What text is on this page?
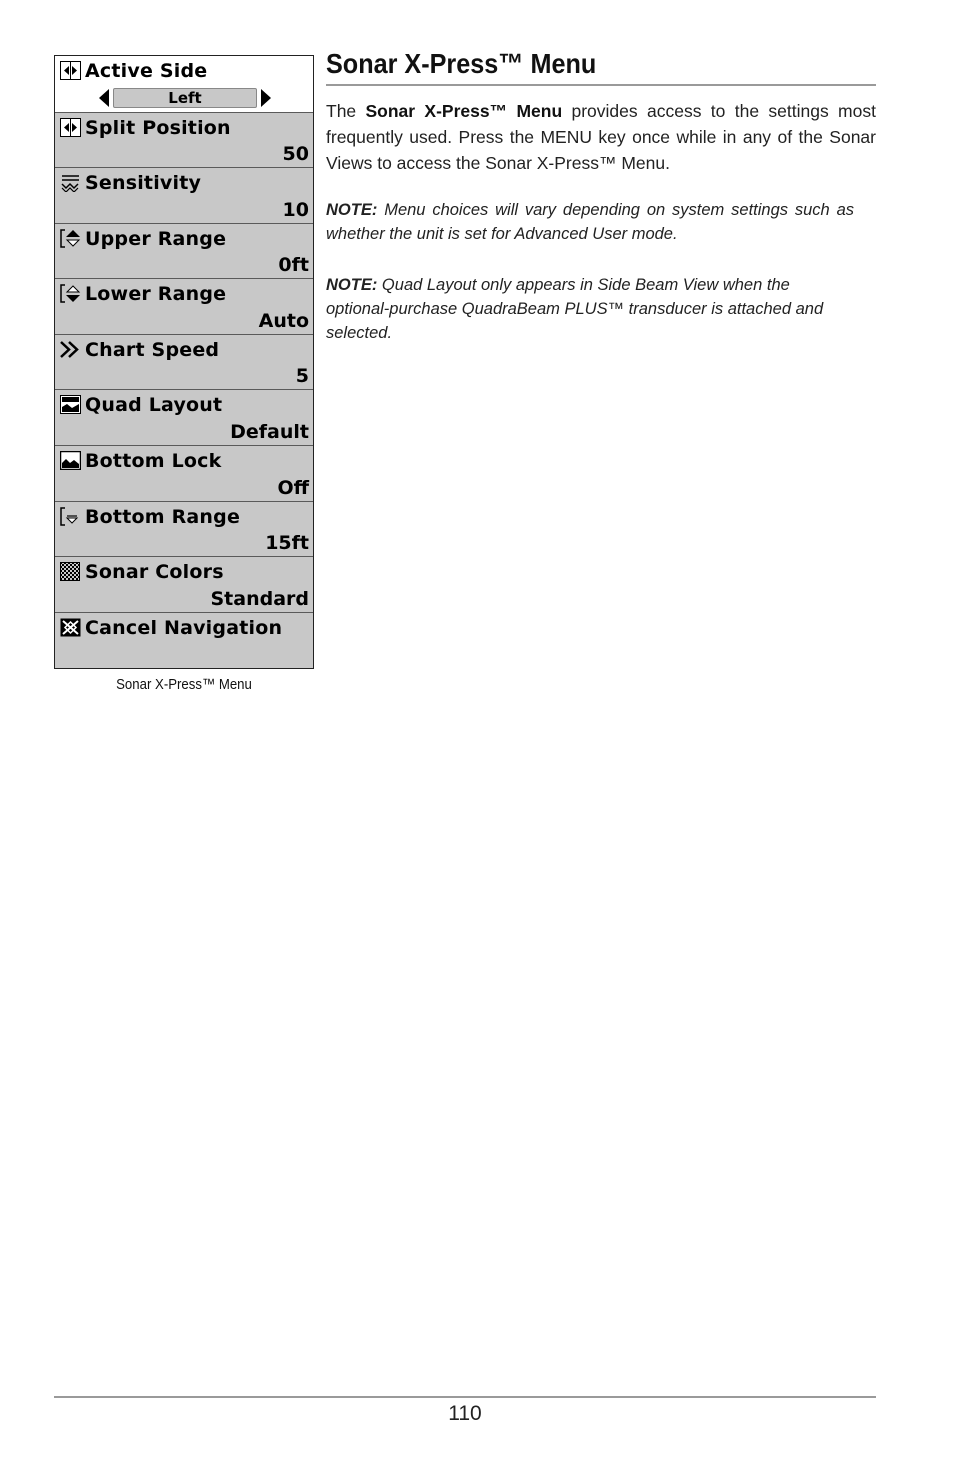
Active Side
Left
Split Position
50
Sensitivity
10
Upper Range
0ft
Lower Range
Auto
Chart Speed
5
Quad Layout
Default
Bottom Lock
Off
Bottom Range
15ft
Sonar Colors
Standard
Cancel Navigation
Sonar X-Press™ Menu
Sonar X-Press™ Menu
The Sonar X-Press™ Menu provides access to the settings most frequently used. Press the MENU key once while in any of the Sonar Views to access the Sonar X-Press™ Menu.
NOTE: Menu choices will vary depending on system settings such as whether the unit is set for Advanced User mode.
NOTE: Quad Layout only appears in Side Beam View when the optional-purchase QuadraBeam PLUS™ transducer is attached and selected.
110
